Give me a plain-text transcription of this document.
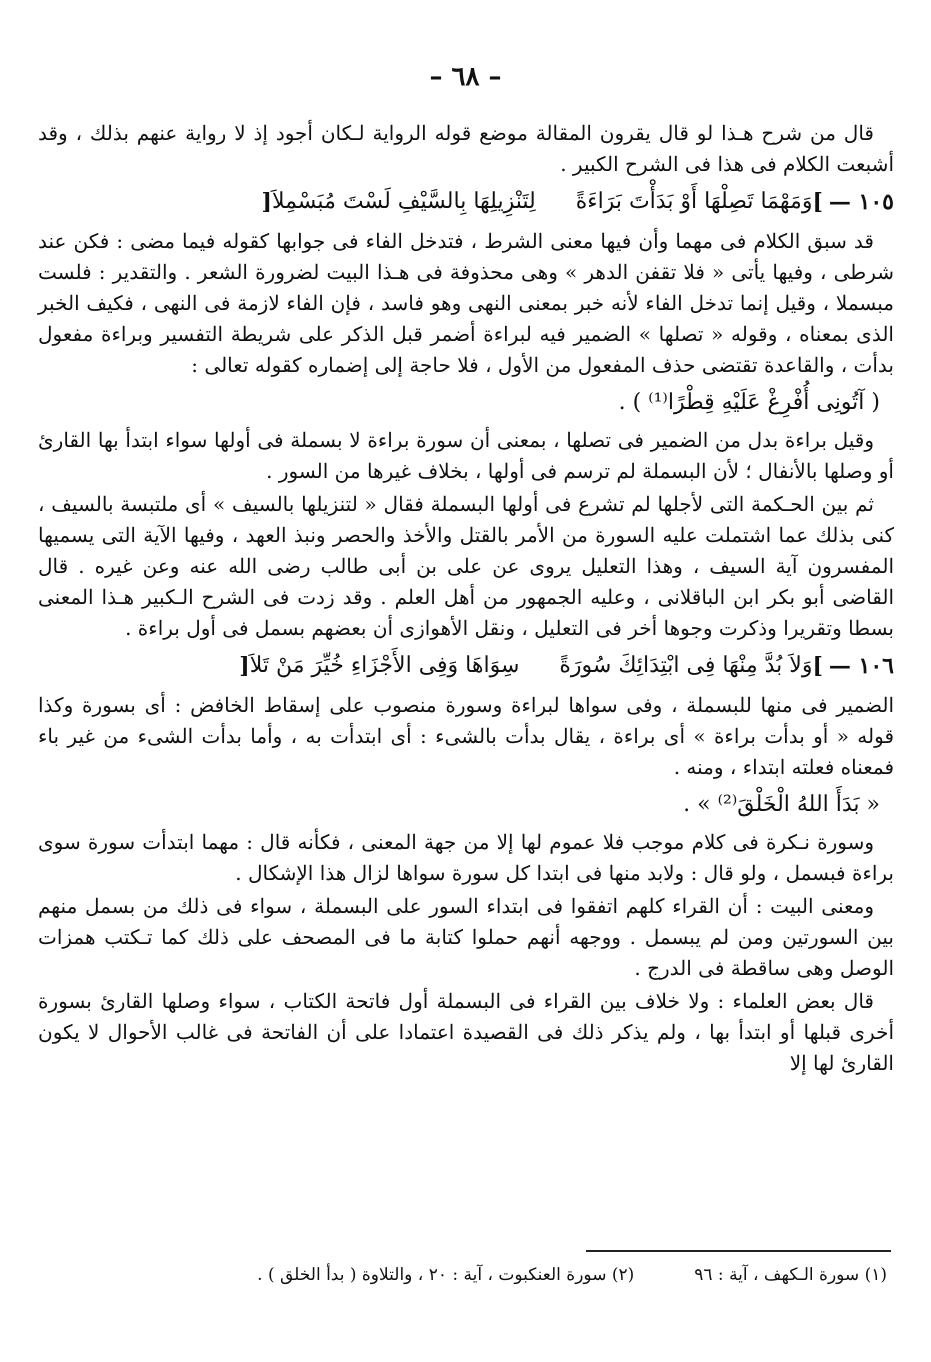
– ٦٨ –

قال من شرح هـذا لو قال يقرون المقالة موضع قوله الرواية لـكان أجود إذ لا رواية عنهم بذلك ، وقد أشبعت الكلام فى هذا فى الشرح الكبير .

١٠٥ —
]
وَمَهْمَا تَصِلْهَا أَوْ بَدَأْتَ بَرَاءَةً
لِتَنْزِيلِهَا بِالسَّيْفِ لَسْتَ مُبَسْمِلاَ
[

قد سبق الكلام فى مهما وأن فيها معنى الشرط ، فتدخل الفاء فى جوابها كقوله فيما مضى : فكن عند شرطى ، وفيها يأتى « فلا تقفن الدهر » وهى محذوفة فى هـذا البيت لضرورة الشعر . والتقدير : فلست مبسملا ، وقيل إنما تدخل الفاء لأنه خبر بمعنى النهى وهو فاسد ، فإن الفاء لازمة فى النهى ، فكيف الخبر الذى بمعناه ، وقوله « تصلها » الضمير فيه لبراءة أضمر قبل الذكر على شريطة التفسير وبراءة مفعول بدأت ، والقاعدة تقتضى حذف المفعول من الأول ، فلا حاجة إلى إضماره كقوله تعالى :

( آتُونِى أُفْرِغْ عَلَيْهِ قِطْرًا⁽¹⁾ ) .

وقيل براءة بدل من الضمير فى تصلها ، بمعنى أن سورة براءة لا بسملة فى أولها سواء ابتدأ بها القارئ أو وصلها بالأنفال ؛ لأن البسملة لم ترسم فى أولها ، بخلاف غيرها من السور .

ثم بين الحـكمة التى لأجلها لم تشرع فى أولها البسملة فقال « لتنزيلها بالسيف » أى ملتبسة بالسيف ، كنى بذلك عما اشتملت عليه السورة من الأمر بالقتل والأخذ والحصر ونبذ العهد ، وفيها الآية التى يسميها المفسرون آية السيف ، وهذا التعليل يروى عن على بن أبى طالب رضى الله عنه وعن غيره . قال القاضى أبو بكر ابن الباقلانى ، وعليه الجمهور من أهل العلم . وقد زدت فى الشرح الـكبير هـذا المعنى بسطا وتقريرا وذكرت وجوها أخر فى التعليل ، ونقل الأهوازى أن بعضهم بسمل فى أول براءة .

١٠٦ —
]
وَلاَ بُدَّ مِنْهَا فِى ابْتِدَائِكَ سُورَةً
سِوَاهَا وَفِى الأَجْزَاءِ خُيِّرَ مَنْ تَلاَ
[

الضمير فى منها للبسملة ، وفى سواها لبراءة وسورة منصوب على إسقاط الخافض : أى بسورة وكذا قوله « أو بدأت براءة » أى براءة ، يقال بدأت بالشىء : أى ابتدأت به ، وأما بدأت الشىء من غير باء فمعناه فعلته ابتداء ، ومنه .

« بَدَأَ اللهُ الْخَلْقَ⁽²⁾ » .

وسورة نـكرة فى كلام موجب فلا عموم لها إلا من جهة المعنى ، فكأنه قال : مهما ابتدأت سورة سوى براءة فبسمل ، ولو قال : ولابد منها فى ابتدا كل سورة سواها لزال هذا الإشكال .

ومعنى البيت : أن القراء كلهم اتفقوا فى ابتداء السور على البسملة ، سواء فى ذلك من بسمل منهم بين السورتين ومن لم يبسمل . ووجهه أنهم حملوا كتابة ما فى المصحف على ذلك كما تـكتب همزات الوصل وهى ساقطة فى الدرج .

قال بعض العلماء : ولا خلاف بين القراء فى البسملة أول فاتحة الكتاب ، سواء وصلها القارئ بسورة أخرى قبلها أو ابتدأ بها ، ولم يذكر ذلك فى القصيدة اعتمادا على أن الفاتحة فى غالب الأحوال لا يكون القارئ لها إلا

(١) سورة الـكهف ، آية : ٩٦
(٢) سورة العنكبوت ، آية : ٢٠ ، والتلاوة ( بدأ الخلق ) .
